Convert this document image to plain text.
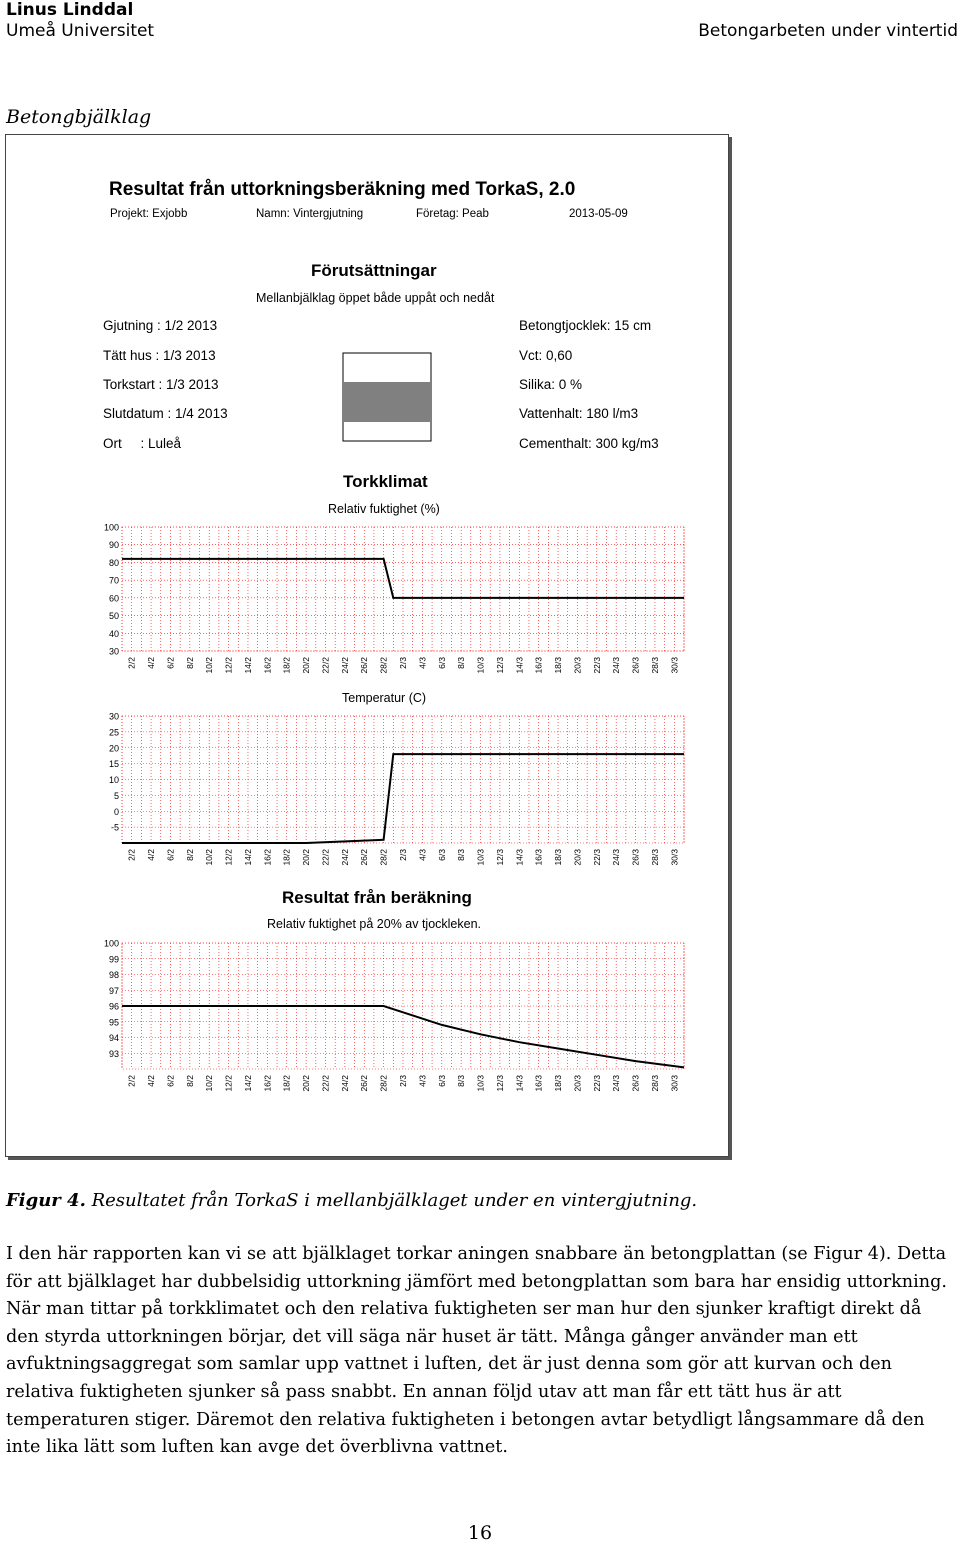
Linus Linddal
Umeå Universitet	Betongarbeten under vintertid
Betongbjälklag
Resultat från uttorkningsberäkning med TorkaS, 2.0
Projekt: Exjobb	Namn: Vintergjutning	Företag: Peab	2013-05-09
Förutsättningar
Mellanbjälklag öppet både uppåt och nedåt
Gjutning : 1/2 2013
Tätt hus : 1/3 2013
Torkstart : 1/3 2013
Slutdatum : 1/4 2013
Ort     : Luleå
Betongtjocklek: 15 cm
Vct: 0,60
Silika: 0 %
Vattenhalt: 180 l/m3
Cementhalt: 300 kg/m3
Torkklimat
Relativ fuktighet (%)
100
90
80
70
60
50
40
30
2/2 4/2 6/2 8/2 10/2 12/2 14/2 16/2 18/2 20/2 22/2 24/2 26/2 28/2 2/3 4/3 6/3 8/3 10/3 12/3 14/3 16/3 18/3 20/3 22/3 24/3 26/3 28/3 30/3
Temperatur (C)
30
25
20
15
10
5
0
-5
2/2 4/2 6/2 8/2 10/2 12/2 14/2 16/2 18/2 20/2 22/2 24/2 26/2 28/2 2/3 4/3 6/3 8/3 10/3 12/3 14/3 16/3 18/3 20/3 22/3 24/3 26/3 28/3 30/3
Resultat från beräkning
Relativ fuktighet på 20% av tjockleken.
100
99
98
97
96
95
94
93
2/2 4/2 6/2 8/2 10/2 12/2 14/2 16/2 18/2 20/2 22/2 24/2 26/2 28/2 2/3 4/3 6/3 8/3 10/3 12/3 14/3 16/3 18/3 20/3 22/3 24/3 26/3 28/3 30/3
Figur 4. Resultatet från TorkaS i mellanbjälklaget under en vintergjutning.
I den här rapporten kan vi se att bjälklaget torkar aningen snabbare än betongplattan (se Figur 4). Detta för att bjälklaget har dubbelsidig uttorkning jämfört med betongplattan som bara har ensidig uttorkning. När man tittar på torkklimatet och den relativa fuktigheten ser man hur den sjunker kraftigt direkt då den styrda uttorkningen börjar, det vill säga när huset är tätt. Många gånger använder man ett avfuktningsaggregat som samlar upp vattnet i luften, det är just denna som gör att kurvan och den relativa fuktigheten sjunker så pass snabbt. En annan följd utav att man får ett tätt hus är att temperaturen stiger. Däremot den relativa fuktigheten i betongen avtar betydligt långsammare då den inte lika lätt som luften kan avge det överblivna vattnet.
16
